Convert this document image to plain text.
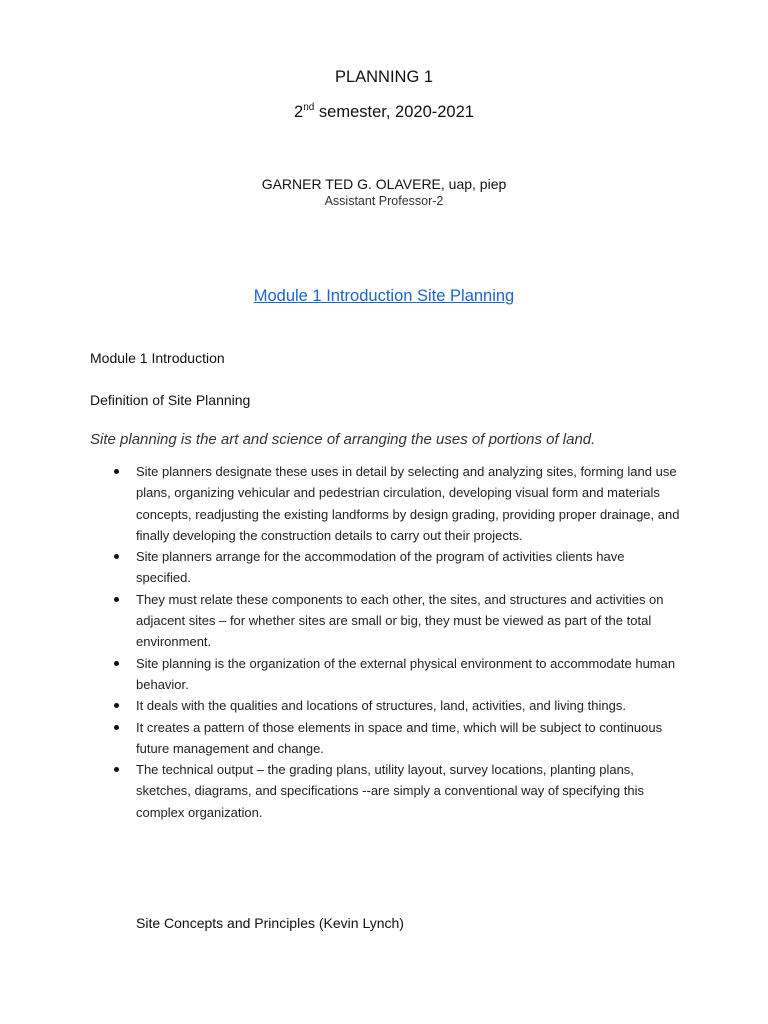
PLANNING 1
2nd semester, 2020-2021
GARNER TED G. OLAVERE, uap, piep
Assistant Professor-2
Module 1 Introduction Site Planning
Module 1 Introduction
Definition of Site Planning
Site planning is the art and science of arranging the uses of portions of land.
Site planners designate these uses in detail by selecting and analyzing sites, forming land use plans, organizing vehicular and pedestrian circulation, developing visual form and materials concepts, readjusting the existing landforms by design grading, providing proper drainage, and finally developing the construction details to carry out their projects.
Site planners arrange for the accommodation of the program of activities clients have specified.
They must relate these components to each other, the sites, and structures and activities on adjacent sites – for whether sites are small or big, they must be viewed as part of the total environment.
Site planning is the organization of the external physical environment to accommodate human behavior.
It deals with the qualities and locations of structures, land, activities, and living things.
It creates a pattern of those elements in space and time, which will be subject to continuous future management and change.
The technical output – the grading plans, utility layout, survey locations, planting plans, sketches, diagrams, and specifications --are simply a conventional way of specifying this complex organization.
Site Concepts and Principles (Kevin Lynch)
